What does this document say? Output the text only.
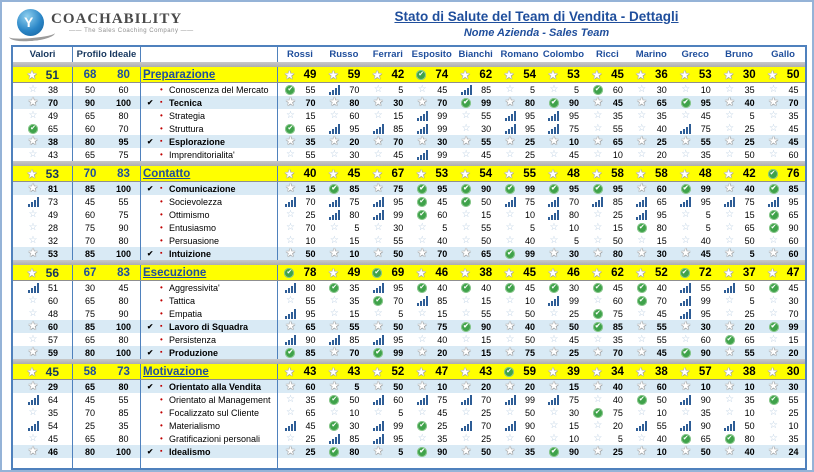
Y
COACHABILITY
—— The Sales Coaching Company ——
Stato di Salute del Team di Vendita - Dettagli
Nome Azienda - Sales Team
Valori	Profilo Ideale	Rossi	Russo	Ferrari Esposito Bianchi Romano Colombo	Ricci	Marino	Greco	Bruno	Gallo
★
51	68	80	Preparazione ★	49 ★	59 ★	42 ✔	74 ★	62 ★	54 ★	53 ★	45 ★	36 ★	53 ★	30 ★	50
☆
38	50	60	• Conoscenza del Mercato ✔	55	70 ☆	5 ☆	45	85 ☆	5 ☆	5 ✔	60 ☆	30 ☆	10 ☆	35 ☆	45
★
70	90	100	✔ ▪ Tecnica ★	70 ★	80 ★	30 ★	70 ✔	99 ★	80 ✔	90 ★	45 ★	65 ✔	95 ★	40 ★	70
☆
49	65	80	• Strategia ☆	15 ☆	60 ☆	15	99 ☆	55	95	95 ☆	35 ☆	35 ☆	45 ☆	5 ☆	35
✔
65	60	70	• Struttura ✔	65	95	85	99 ☆	30	95	75 ☆	55 ☆	40	75 ☆	25 ☆	45
★
38	80	95	✔ ▪ Esplorazione ★	35 ★	20 ★	70 ★	30 ★	55 ★	25 ★	10 ★	65 ★	25 ★	55 ★	25 ★	45
☆
43	65	75	• Imprenditorialita' ☆	55 ☆	30 ☆	45	99 ☆	45 ☆	25 ☆	45 ☆	10 ☆	20 ☆	35 ☆	50 ☆	60
★
53	70	83	Contatto ★	40 ★	45 ★	67 ★	53 ★	54 ★	55 ★	48 ★	58 ★	58 ★	48 ★	42 ✔	76
★
81	85	100	✔ ▪ Comunicazione ★	15 ✔	85 ★	75 ✔	95 ✔	90 ✔	99 ✔	95 ✔	95 ★	60 ✔	99 ★	40 ✔	85
73	45	55	• Socievolezza	70	75	95 ✔	45 ✔	50	75	70	85	65	95	75	95
☆
49	60	75	• Ottimismo ☆	25	80	99 ✔	60 ☆	15 ☆	10	80 ☆	25	95 ☆	5 ☆	15 ✔	65
☆
28	75	90	• Entusiasmo ☆	70 ☆	5 ☆	30 ☆	5 ☆	55 ☆	5 ☆	10 ☆	15 ✔	80 ☆	5 ☆	65 ✔	90
☆
32	70	80	• Persuasione ☆	10 ☆	15 ☆	55 ☆	40 ☆	50 ☆	40 ☆	5 ☆	50 ☆	15 ☆	40 ☆	50 ☆	60
★
53	85	100	✔ ▪ Intuizione ★	50 ★	10 ★	50 ★	70 ★	65 ✔	99 ★	30 ★	80 ★	30 ★	45 ★	5 ★	60
★
56	67	83	Esecuzione ✔	78 ★	49 ✔	69 ★	46 ★	38 ★	45 ★	46 ★	62 ★	52 ✔	72 ★	37 ★	47
51	30	45	• Aggressivita'	80 ✔	35	95 ✔	40 ✔	40 ✔	45 ✔	30 ✔	45 ✔	40	55	50 ✔	45
☆
60	65	80	• Tattica ☆	55 ☆	35 ✔	70	85 ☆	15 ☆	10	99 ☆	60 ✔	70	99 ☆	5 ☆	30
☆
48	75	90	• Empatia	95 ☆	15 ☆	5 ☆	15 ☆	55 ☆	50 ☆	25 ✔	75 ☆	45	95 ☆	25 ☆	70
★
60	85	100	✔ ▪ Lavoro di Squadra ★	65 ★	55 ★	50 ★	75 ✔	90 ★	40 ★	50 ✔	85 ★	55 ★	30 ★	20 ✔	99
☆
57	65	80	• Persistenza	90	85	95 ☆	40 ☆	15 ☆	50 ☆	45 ☆	35 ☆	55 ☆	60 ✔	65 ☆	15
★
59	80	100	✔ ▪ Produzione ✔	85 ★	70 ✔	99 ★	20 ★	15 ★	75 ★	25 ★	70 ★	45 ✔	90 ★	55 ★	20
★
45	58	73	Motivazione ★	43 ★	43 ★	52 ★	47 ★	43 ✔	59 ★	39 ★	34 ★	38 ★	57 ★	38 ★	30
★
29	65	80	✔ ▪ Orientato alla Vendita ★	60 ★	5 ★	50 ★	10 ★	20 ★	20 ★	15 ★	40 ★	60 ★	10 ★	10 ★	30
64	45	55	• Orientato al Management ☆	35 ✔	50	60	75	70	99	75 ☆	40 ✔	50	90 ☆	35 ✔	55
☆
35	70	85	• Focalizzato sul Cliente ☆	65 ☆	10 ☆	5 ☆	45 ☆	25 ☆	50 ☆	30 ✔	75 ☆	10 ☆	35 ☆	10 ☆	25
54	25	35	• Materialismo	45 ✔	30	99 ✔	25	70	90 ☆	15 ☆	20	55	90	50 ☆	10
☆
45	65	80	• Gratificazioni personali ☆	25	85	95 ☆	35 ☆	25 ☆	60 ☆	10 ☆	5 ☆	40 ✔	65 ✔	80 ☆	35
★
46	80	100	✔ ▪ Idealismo ★	25 ✔	80 ★	5 ✔	90 ★	50 ★	35 ✔	90 ★	25 ★	10 ★	50 ★	40 ★	24
